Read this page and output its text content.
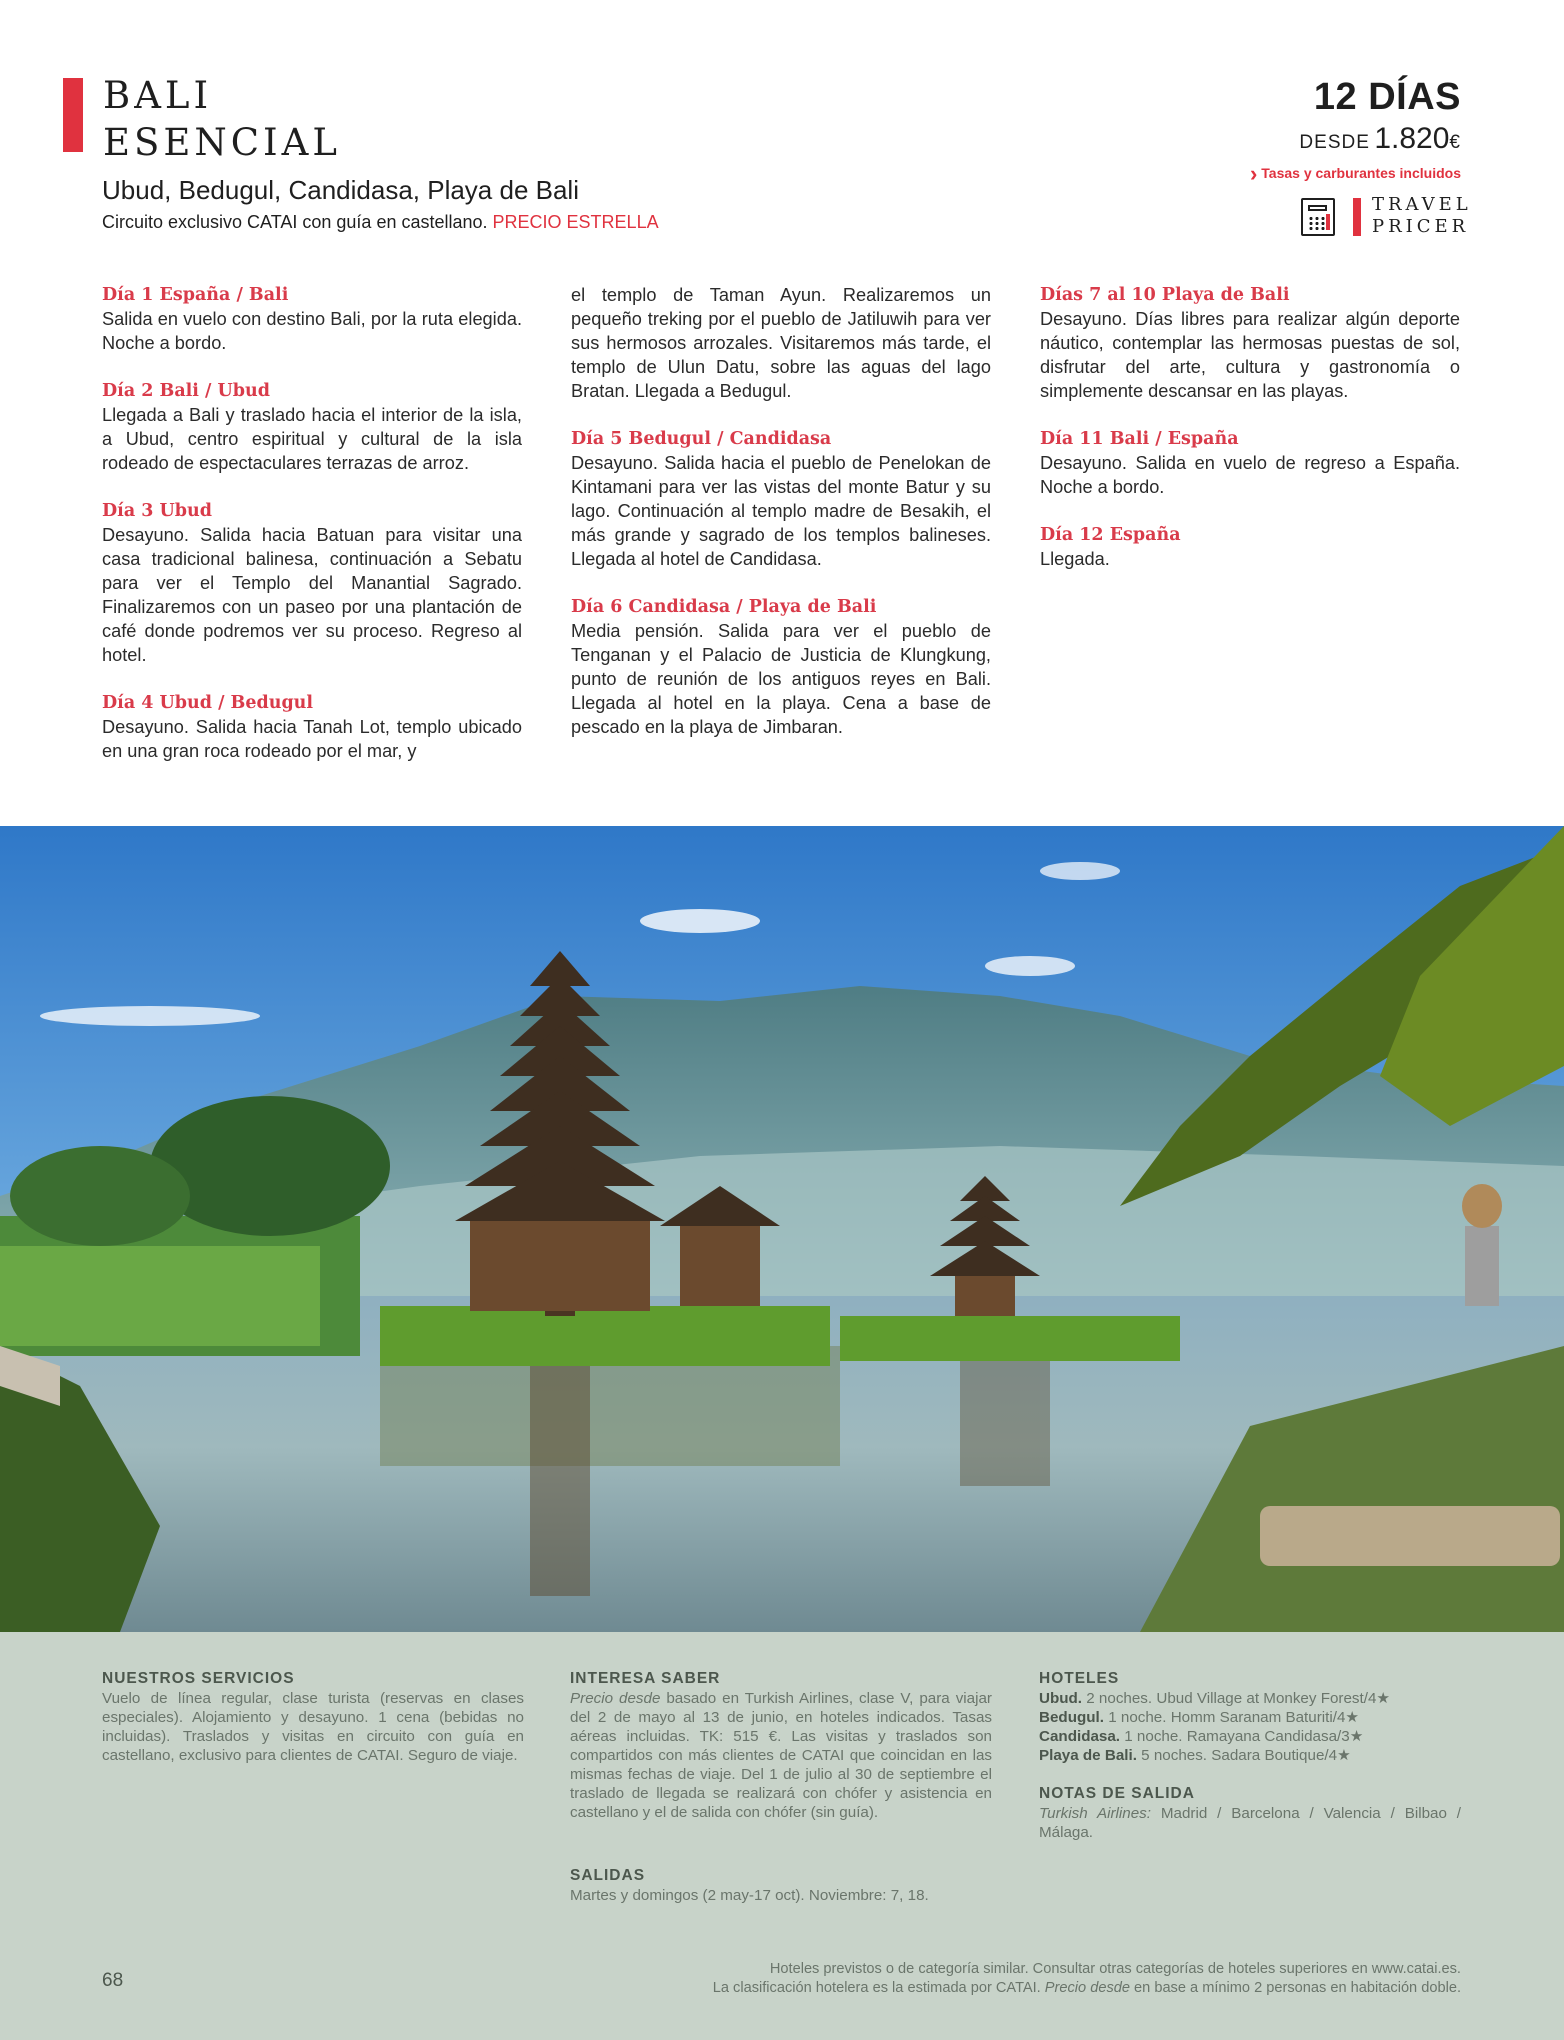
BALI
ESENCIAL
Ubud, Bedugul, Candidasa, Playa de Bali
Circuito exclusivo CATAI con guía en castellano. PRECIO ESTRELLA
12 DÍAS
DESDE 1.820€
› Tasas y carburantes incluidos
TRAVEL
PRICER
Día 1 España / Bali

Salida en vuelo con destino Bali, por la ruta elegida. Noche a bordo.

Día 2 Bali / Ubud

Llegada a Bali y traslado hacia el interior de la isla, a Ubud, centro espiritual y cultural de la isla rodeado de espectaculares terrazas de arroz.

Día 3 Ubud

Desayuno. Salida hacia Batuan para visitar una casa tradicional balinesa, continuación a Sebatu para ver el Templo del Manantial Sagrado. Finalizaremos con un paseo por una plantación de café donde podremos ver su proceso. Regreso al hotel.

Día 4 Ubud / Bedugul

Desayuno. Salida hacia Tanah Lot, templo ubicado en una gran roca rodeado por el mar, y

el templo de Taman Ayun. Realizaremos un pequeño treking por el pueblo de Jatiluwih para ver sus hermosos arrozales. Visitaremos más tarde, el templo de Ulun Datu, sobre las aguas del lago Bratan. Llegada a Bedugul.

Día 5 Bedugul / Candidasa

Desayuno. Salida hacia el pueblo de Penelokan de Kintamani para ver las vistas del monte Batur y su lago. Continuación al templo madre de Besakih, el más grande y sagrado de los templos balineses. Llegada al hotel de Candidasa.

Día 6 Candidasa / Playa de Bali

Media pensión. Salida para ver el pueblo de Tenganan y el Palacio de Justicia de Klungkung, punto de reunión de los antiguos reyes en Bali. Llegada al hotel en la playa. Cena a base de pescado en la playa de Jimbaran.

Días 7 al 10 Playa de Bali

Desayuno. Días libres para realizar algún deporte náutico, contemplar las hermosas puestas de sol, disfrutar del arte, cultura y gastronomía o simplemente descansar en las playas.

Día 11 Bali / España

Desayuno. Salida en vuelo de regreso a España. Noche a bordo.

Día 12 España

Llegada.

NUESTROS SERVICIOS

Vuelo de línea regular, clase turista (reservas en clases especiales). Alojamiento y desayuno. 1 cena (bebidas no incluidas). Traslados y visitas en circuito con guía en castellano, exclusivo para clientes de CATAI. Seguro de viaje.

INTERESA SABER

Precio desde basado en Turkish Airlines, clase V, para viajar del 2 de mayo al 13 de junio, en hoteles indicados. Tasas aéreas incluidas. TK: 515 €. Las visitas y traslados son compartidos con más clientes de CATAI que coincidan en las mismas fechas de viaje. Del 1 de julio al 30 de septiembre el traslado de llegada se realizará con chófer y asistencia en castellano y el de salida con chófer (sin guía).

SALIDAS

Martes y domingos (2 may-17 oct). Noviembre: 7, 18.

HOTELES
Ubud. 2 noches. Ubud Village at Monkey Forest/4★
Bedugul. 1 noche. Homm Saranam Baturiti/4★
Candidasa. 1 noche. Ramayana Candidasa/3★
Playa de Bali. 5 noches. Sadara Boutique/4★
NOTAS DE SALIDA

Turkish Airlines: Madrid / Barcelona / Valencia / Bilbao / Málaga.

68
Hoteles previstos o de categoría similar. Consultar otras categorías de hoteles superiores en www.catai.es.
La clasificación hotelera es la estimada por CATAI. Precio desde en base a mínimo 2 personas en habitación doble.
